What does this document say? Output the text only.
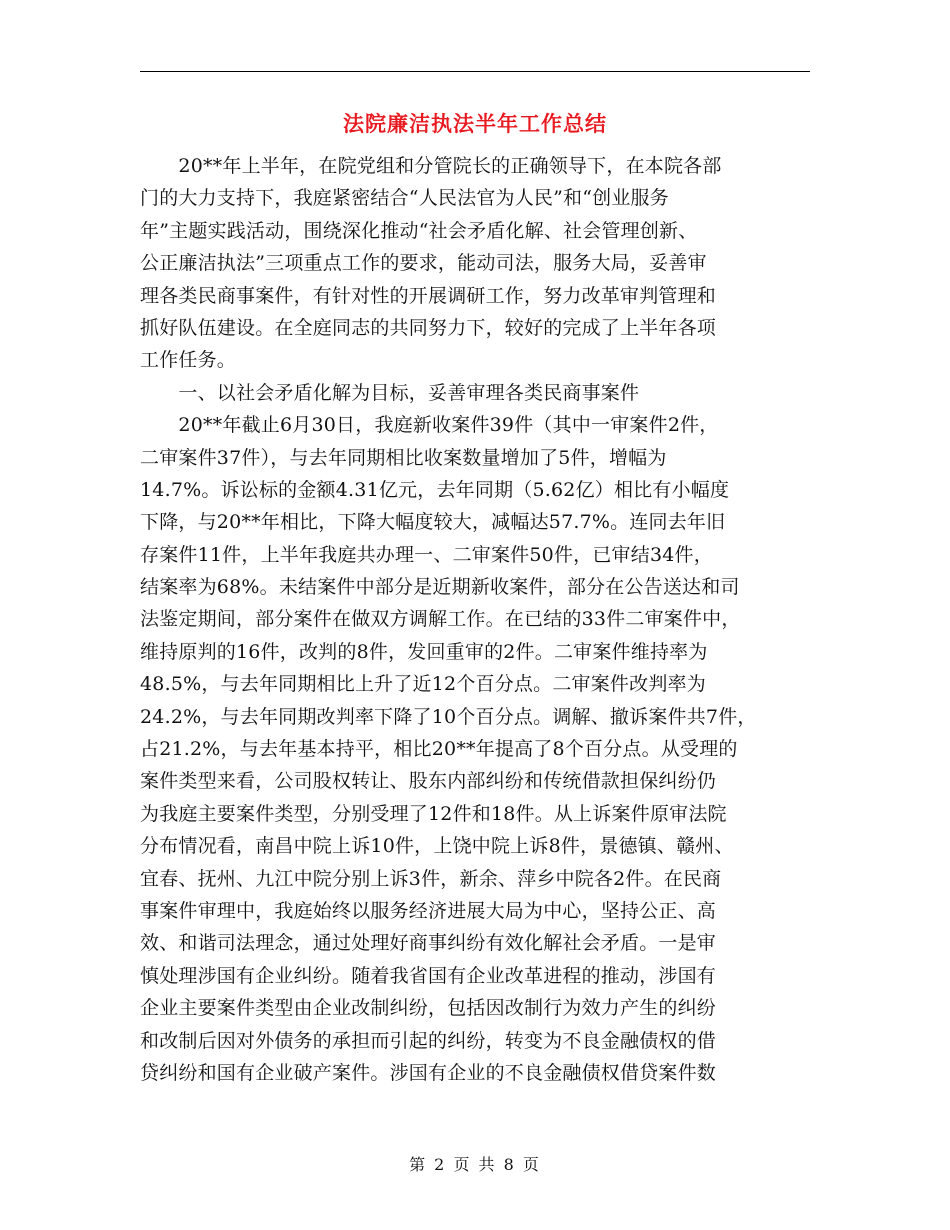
法院廉洁执法半年工作总结
　　20**年上半年，在院党组和分管院长的正确领导下，在本院各部
门的大力支持下，我庭紧密结合“人民法官为人民”和“创业服务
年”主题实践活动，围绕深化推动“社会矛盾化解、社会管理创新、
公正廉洁执法”三项重点工作的要求，能动司法，服务大局，妥善审
理各类民商事案件，有针对性的开展调研工作，努力改革审判管理和
抓好队伍建设。在全庭同志的共同努力下，较好的完成了上半年各项
工作任务。
　　一、以社会矛盾化解为目标，妥善审理各类民商事案件
　　20**年截止6月30日，我庭新收案件39件（其中一审案件2件，
二审案件37件），与去年同期相比收案数量增加了5件，增幅为
14.7%。诉讼标的金额4.31亿元，去年同期（5.62亿）相比有小幅度
下降，与20**年相比，下降大幅度较大，减幅达57.7%。连同去年旧
存案件11件，上半年我庭共办理一、二审案件50件，已审结34件，
结案率为68%。未结案件中部分是近期新收案件，部分在公告送达和司
法鉴定期间，部分案件在做双方调解工作。在已结的33件二审案件中，
维持原判的16件，改判的8件，发回重审的2件。二审案件维持率为
48.5%，与去年同期相比上升了近12个百分点。二审案件改判率为
24.2%，与去年同期改判率下降了10个百分点。调解、撤诉案件共7件，
占21.2%，与去年基本持平，相比20**年提高了8个百分点。从受理的
案件类型来看，公司股权转让、股东内部纠纷和传统借款担保纠纷仍
为我庭主要案件类型，分别受理了12件和18件。从上诉案件原审法院
分布情况看，南昌中院上诉10件，上饶中院上诉8件，景德镇、赣州、
宜春、抚州、九江中院分别上诉3件，新余、萍乡中院各2件。在民商
事案件审理中，我庭始终以服务经济进展大局为中心，坚持公正、高
效、和谐司法理念，通过处理好商事纠纷有效化解社会矛盾。一是审
慎处理涉国有企业纠纷。随着我省国有企业改革进程的推动，涉国有
企业主要案件类型由企业改制纠纷，包括因改制行为效力产生的纠纷
和改制后因对外债务的承担而引起的纠纷，转变为不良金融债权的借
贷纠纷和国有企业破产案件。涉国有企业的不良金融债权借贷案件数
第 2 页 共 8 页
